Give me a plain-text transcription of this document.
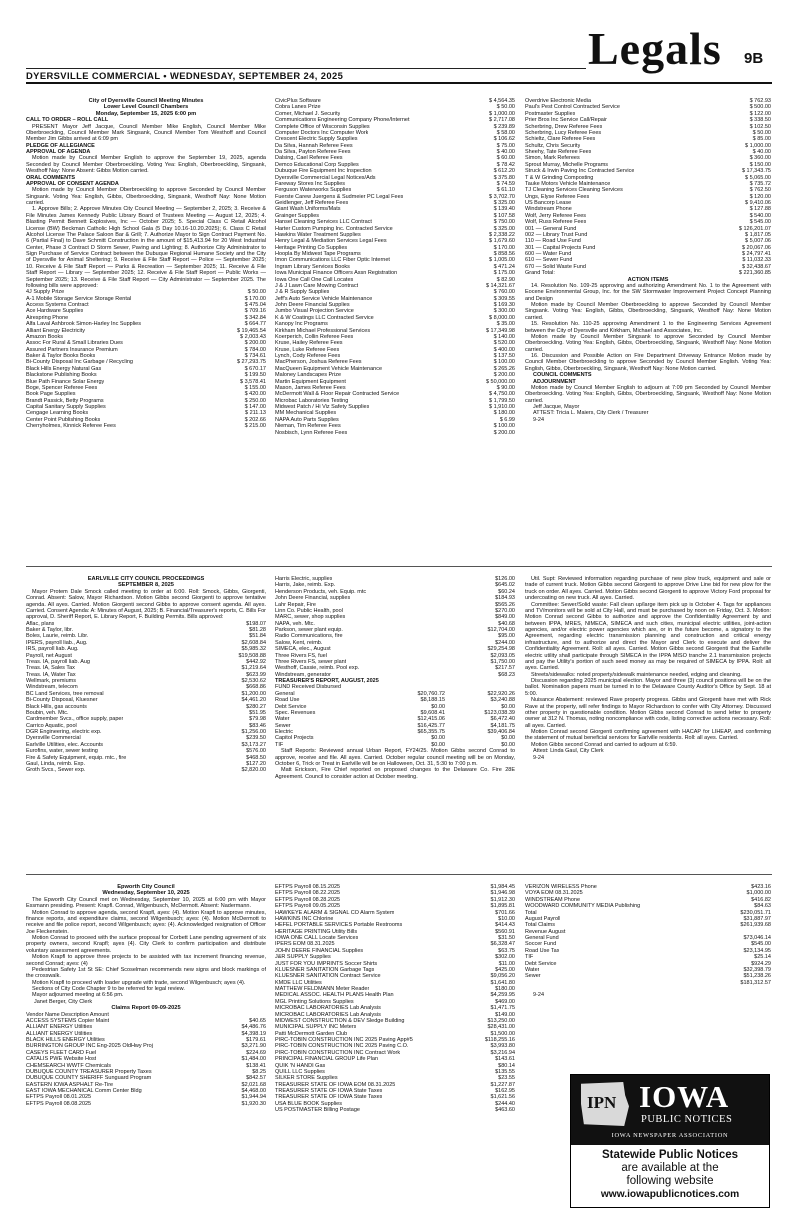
DYERSVILLE COMMERCIAL • WEDNESDAY, SEPTEMBER 24, 2025
Legals 9B
City of Dyersville Council Meeting Minutes
Lower Level Council Chambers
Monday, September 15, 2025 6:00 pm
CALL TO ORDER – ROLL CALL

PRESENT Mayor Jeff Jacque, Council Member Mike English, Council Member Mike Oberbroeckling, Council Member Mark Singsank, Council Member Tom Westhoff and Council Member Jim Gibbs arrived at 6:09 pm

PLEDGE OF ALLEGIANCE
APPROVAL OF AGENDA

Motion made by Council Member English to approve the September 19, 2025, agenda Seconded by Council Member Oberbroeckling. Voting Yea: English, Oberbroeckling, Singsank, Westhoff Nay: None Absent: Gibbs Motion carried.

ORAL COMMENTS
APPROVAL OF CONSENT AGENDA

Motion made by Council Member Oberbroeckling to approve Seconded by Council Member Singsank. Voting Yea: English, Gibbs, Oberbroeckling, Singsank, Westhoff Nay: None Motion carried.

1. Approve Bills; 2. Approve Minutes City Council Meeting — September 2, 2025; 3. Receive & File Minutes James Kennedy Public Library Board of Trustees Meeting — August 12, 2025; 4. Blasting Permit Bennett Explosives, Inc — October 2025; 5. Special Class C Retail Alcohol License (BW) Beckman Catholic High School Gala (5 Day 10.16-10.20.2025); 6. Class C Retail Alcohol License The Palace Saloon Bar & Grill; 7. Authorize Mayor to Sign Contract Payment No. 6 (Partial Final) to Dave Schmitt Construction in the amount of $15,413.94 for 20 West Industrial Center, Phase 3 Contract D Storm Sewer, Paving and Lighting; 8. Authorize City Administrator to Sign Purchase of Service Contract between the Dubuque Regional Humane Society and the City of Dyersville for Animal Sheltering; 9. Receive & File Staff Report — Police — September 2025; 10. Receive & File Staff Report — Parks & Recreation — September 2025; 11. Receive & File Staff Report — Library — September 2025; 12. Receive & File Staff Report — Public Works — September 2025; 13. Receive & File Staff Report — City Administrator — September 2025. The following bills were approved:

4J Supply Prize	$ 50.00
A-1 Mobile Storage Service Storage Rental	$ 170.00
Access Systems Contract	$ 475.04
Ace Hardware Supplies	$ 709.16
Airespring Phone	$ 342.84
Alfa Laval Ashbrook Simon-Harley Inc Supplies	$ 664.77
Alliant Energy Electricity	$ 19,465.54
Amazon Books	$ 2,003.43
Assoc For Rural & Small Libraries Dues	$ 200.00
Assured Partners Insurance Premium	$ 784.00
Baker & Taylor Books Books	$ 734.61
Bi-County Disposal Inc Garbage / Recycling	$ 27,293.75
Black Hills Energy Natural Gas	$ 670.17
Blackstone Publishing Books	$ 199.50
Blue Path Finance Solar Energy	$ 3,578.41
Boge, Spencer Referee Fees	$ 155.00
Book Page Supplies	$ 420.00
Brandt Passick, Betty Programs	$ 250.00
Capital Sanitary Supply Supplies	$ 147.00
Cengage Learning Books	$ 211.13
Center Point Publishing Books	$ 202.66
Cherryholmes, Kinnick Referee Fees	$ 215.00
CivicPlus Software	$ 4,564.35
Cobra Lanes Prize	$ 50.00
Comer, Michael J. Security	$ 1,000.00
Communications Engineering Company Phone/Internet	$ 2,717.08
Complete Office of Wisconsin Supplies	$ 239.89
Computer Doctors Inc Computer Work	$ 58.00
Crescent Electric Supply Supplies	$ 106.62
Da Silva, Hannah Referee Fees	$ 75.00
Da Silva, Payton Referee Fees	$ 40.00
Dalsing, Cael Referee Fees	$ 60.00
Demco Educational Corp Supplies	$ 78.42
Dubuque Fire Equipment Inc Inspection	$ 612.20
Dyersville Commercial Legal Notices/Ads	$ 375.80
Fareway Stores Inc Supplies	$ 74.59
Ferguson Waterworks Supplies	$ 61.10
Fuerste Carew Juergens & Sudmeier PC Legal Fees	$ 3,702.70
Geidlenger, Jeff Referee Fees	$ 325.00
Giant Wash Uniforms/Mats	$ 139.40
Grainger Supplies	$ 107.58
Hansel Cleaning Services LLC Contract	$ 750.00
Harter Custom Pumping Inc. Contracted Service	$ 325.00
Hawkins Water Treatment Supplies	$ 2,338.22
Henry Legal & Mediation Services Legal Fees	$ 1,679.60
Heritage Printing Co Supplies	$ 170.00
Hoopla By Midwest Tape Programs	$ 858.56
Imon Communications LLC Fiber Optic Internet	$ 1,005.00
Ingram Library Services Books	$ 471.24
Iowa Municipal Finance Officers Assn Registration	$ 175.00
Iowa One Call One Call Locates	$ 82.90
J & J Lawn Care Mowing Contract	$ 14,321.67
J & R Supply Supplies	$ 760.00
Jeff's Auto Service Vehicle Maintenance	$ 309.55
John Deere Financial Supplies	$ 169.30
Jumbo Visual Projection Service	$ 300.00
K & W Coatings LLC Contracted Service	$ 8,000.00
Kanopy Inc Programs	$ 35.00
Kirkham Michael Professional Services	$ 17,349.98
Koerperich, Collin Referee Fees	$ 140.00
Kruse, Hailey Referee Fees	$ 520.00
Kruse, Luke Referee Fees	$ 400.00
Lynch, Cody Referee Fees	$ 137.50
MacPherson, Joshua Referee Fees	$ 100.00
MacQueen Equipment Vehicle Maintenance	$ 265.26
Maloney Landscapes Prize	$ 200.00
Martin Equipment Equipment	$ 50,000.00
Mason, James Referee Fees	$ 90.00
McDermott Wall & Floor Repair Contracted Service	$ 4,750.00
Microbac Laboratories Testing	$ 1,799.50
Midwest Patch / Hi Viz Safety Supplies	$ 1,910.00
MM Mechanical Supplies	$ 180.00
NAPA Auto Parts Supplies	$ 6.99
Nieman, Tim Referee Fees	$ 100.00
Nosbisch, Lynn Referee Fees	$ 200.00
Overdrive Electronic Media	$ 762.93
Paul's Pest Control Contracted Service	$ 500.00
Postmaster Supplies	$ 122.00
Prier Bros Inc Service Call/Repair	$ 338.50
Scherbring, Drew Referee Fees	$ 102.50
Scherbring, Lucy Referee Fees	$ 50.00
Schieltz, Clare Referee Fees	$ 85.00
Schultz, Chris Security	$ 1,000.00
Sheehy, Tate Referee Fees	$ 40.00
Simon, Mark Referees	$ 360.00
Sprout Murray, Michelle Programs	$ 150.00
Struck & Irwin Paving Inc Contracted Service	$ 17,343.75
T & W Grinding Composting	$ 5,065.00
Tauke Motors Vehicle Maintenance	$ 735.72
TJ Cleaning Services Cleaning Services	$ 762.50
Ungs, Elyse Referee Fees	$ 120.00
US Bancorp Lease	$ 9,410.06
Windstream Phone	$ 127.88
Wolf, Jerry Referee Fees	$ 540.00
Wolf, Russ Referee Fees	$ 545.00
001 — General Fund	$ 126,201.07
002 — Library Trust Fund	$ 1,817.05
110 — Road Use Fund	$ 5,007.06
301 — Capital Projects Fund	$ 20,067.06
600 — Water Fund	$ 24,797.41
610 — Sewer Fund	$ 11,032.33
670 — Solid Waste Fund	$ 32,438.67
Grand Total:	$ 221,360.85
ACTION ITEMS

14. Resolution No. 109-25 approving and authorizing Amendment No. 1 to the Agreement with Eocene Environmental Group, Inc. for the SW Stormwater Improvement Project Concept Planning and Design

Motion made by Council Member Oberbroeckling to approve Seconded by Council Member Singsank. Voting Yea: English, Gibbs, Oberbroeckling, Singsank, Westhoff Nay: None Motion carried.

15. Resolution No. 110-25 approving Amendment 1 to the Engineering Services Agreement between the City of Dyersville and Kirkham, Michael and Associates, Inc.

Motion made by Council Member Singsank to approve Seconded by Council Member Oberbroeckling. Voting Yea: English, Gibbs, Oberbroeckling, Singsank, Westhoff Nay: None Motion carried.

16. Discussion and Possible Action on Fire Department Driveway Entrance Motion made by Council Member Oberbroeckling to approve Seconded by Council Member English. Voting Yea: English, Gibbs, Oberbroeckling, Singsank, Westhoff Nay: None Motion carried.

COUNCIL COMMENTS
ADJOURNMENT

Motion made by Council Member English to adjourn at 7:09 pm Seconded by Council Member Oberbroeckling. Voting Yea: English, Gibbs, Oberbroeckling, Singsank, Westhoff Nay: None Motion carried.

Jeff Jacque, Mayor
ATTEST: Tricia L. Maiers, City Clerk / Treasurer
9-24
EARLVILLE CITY COUNCIL PROCEEDINGS
SEPTEMBER 8, 2025

Mayor Protem Dale Smock called meeting to order at 6:00. Roll: Smock, Gibbs, Giorgenti, Conrad. Absent: Salow, Mayor Richardson. Motion Gibbs second Giorgenti to approve tentative agenda. All ayes. Carried. Motion Giorgenti second Gibbs to approve consent agenda. All ayes. Carried. Consent Agenda: A: Minutes of August, 2025; B. Financial/Treasurer's reports, C. Bills For approval, D. Sheriff Report, E. Library Report, F. Building Permits. Bills approved:

Aflac, plans	$198.07
Baker & Taylor, libr.	$81.28
Boles, Laurie, reimb. Libr.	$51.84
IPERS, payroll liab., Aug.	$2,608.84
IRS, payroll liab. Aug.	$5,985.32
Payroll, net August	$19,508.88
Treas. IA, payroll liab. Aug	$442.92
Treas. IA, Sales Tax	$1,219.64
Treas. IA, Water Tax	$623.99
Wellmark, premiums	$2,530.62
Windstream, telecom	$668.86
BC Land Services, tree removal	$1,200.00
Bi-County Disposal, Kluesner	$4,461.20
Black Hills, gas accounts	$280.27
Boubin, veh. Mtc.	$51.95
Cardmember Svcs., office supply, paper	$79.98
Carrico Aquatic, pool	$83.46
DGR Engineering, electric exp.	$1,256.00
Dyersville Commercial	$239.50
Earlville Utilities, elec. Accounts	$3,173.27
Eurofins, water, sewer testing	$576.00
Fire & Safety Equipment, equip. mtc., fire	$468.50
Gaul, Linda, reimb. Exp.	$127.20
Groth Svcs., Sewer exp.	$2,820.00
Harris Electric, supplies	$126.00
Harris, Jake, reimb. Exp.	$645.02
Henderson Products, veh. Equip. mtc	$60.24
John Deere Financial, supplies	$184.93
Lahr Repair, Fire	$565.26
Linn Co. Public Health, pool	$270.00
MARC, sewer, shop supplies	$849.00
NAPA, veh. Mtc.	$40.68
Parkson, sewer plant equip.	$12,704.00
Radio Communications, fire	$95.00
Salow, Kent, reimb.	$244.00
SIMECA, elec., August	$29,254.98
Three Rivers FS, fuel	$2,093.05
Three Rivers FS, sewer plant	$1,750.00
Westhoff, Cassie, reimb. Pool exp.	$217.57
Windstream, generator	$68.23
TREASURER'S REPORT, AUGUST, 2025
FUND Received Disbursed
General	$20,760.72	$22,920.26
Road Use	$8,188.15	$3,240.88
Debt Service	$0.00	$0.00
Spec. Revenues	$9,608.41	$123,038.39
Water	$12,415.06	$6,472.40
Sewer	$16,425.77	$4,181.75
Electric	$65,355.75	$39,406.84
Capitol Projects	$0.00	$0.00
TIF	$0.00	$0.00

Staff Reports: Reviewed annual Urban Report, FY24/25. Motion Gibbs second Conrad to approve, receive and file. All ayes. Carried. October regular council meeting will be on Monday, October 6, Trick or Treat in Earlville will be on Halloween, Oct. 31, 5:30 to 7:00 p.m.

Matt Erickson, Fire Chief reported on proposed changes to the Delaware Co. Fire 28E Agreement. Council to consider action at October meeting.

Util. Supt: Reviewed information regarding purchase of new plow truck, equipment and sale or trade of current truck. Motion Gibbs second Giorgenti to approve Drive Line bid for new plow for the truck on order. All ayes. Carried. Motion Gibbs second Giorgenti to approve Victory Ford proposal for undercoating on new truck. All ayes. Carried.

Committee: Sewer/Solid waste: Fall clean up/large item pick up is October 4. Tags for appliances and TV/monitors will be sold at City Hall, and must be purchased by noon on Friday, Oct. 3. Motion: Motion Conrad second Gibbs to authorize and approve the Confidentiality Agreement by and between IPPA, MRES, NIMECA, SIMECA and such cities, municipal electric utilities, joint-action agencies, and/or electric power agencies which are, or in the future become, a signatory to the Agreement, regarding electric transmission planning and construction and critical energy infrastructure, and to authorize and direct the Mayor and Clerk to execute and deliver the Confidentiality Agreement. Roll: all ayes. Carried. Motion Gibbs second Giorgenti that the Earlville electric utility shall participate through SIMECA in the IPPA MISO tranche 2.1 transmission projects and pay the Utility's portion of such seed money as may be required of SIMECA by IPPA. Roll: all ayes. Carried.

Streets/sidewalks: noted property/sidewalk maintenance needed, edging and cleaning.

Discussion regarding 2025 municipal election. Mayor and three (3) council positions will be on the ballot. Nomination papers must be turned in to the Delaware County Auditor's Office by Sept. 18 at 5:00.

Nuisance Abatement: reviewed Rave property progress. Gibbs and Giorgenti have met with Rick Rave at the property, will refer findings to Mayor Richardson to confer with City Attorney. Discussed other property in questionable condition. Motion Gibbs second Conrad to send letter to property owner at 312 N. Thomas, noting noncompliance with code, listing corrective actions necessary. Roll: all ayes. Carried.

Motion Conrad second Giorgenti confirming agreement with HACAP for LIHEAP, and confirming the statement of mutual beneficial services for Earlville residents. Roll: all ayes. Carried.

Motion Gibbs second Conrad and carried to adjourn at 6:59.

Attest: Linda Gaul, City Clerk
9-24
Epworth City Council
Wednesday, September 10, 2025

The Epworth City Council met on Wednesday, September 10, 2025 at 6:00 pm with Mayor Essmann presiding. Present: Krapfl. Conrad, Wilgenbusch, McDermott. Absent: Nadermann.

Motion Conrad to approve agenda, second Krapfl, ayes: (4). Motion Krapfl to approve minutes, finance reports, and expenditure claims, second Wilgenbusch; ayes: (4). Motion McDermott to receive and file police report, second Wilgenbusch; ayes: (4). Acknowledged resignation of Officer Joe Fleckenstein.

Motion Conrad to proceed with the surface proposal for Corbett Lane pending agreement of six property owners, second Krapfl; ayes (4). City Clerk to confirm participation and distribute voluntary assessment agreements.

Motion Krapfl to approve three projects to be assisted with tax increment financing revenue, second Conrad; ayes: (4)

Pedestrian Safety 1st St SE: Chief Scoselman recommends new signs and block markings of the crosswalk.

Motion Krapfl to proceed with loader upgrade with trade, second Wilgenbusch; ayes (4).

Sections of City Code Chapter 9 to be referred for legal review.

Mayor adjourned meeting at 6:56 pm.

Janet Berger, City Clerk
Claims Report 09-09-2025
Vendor Name Description Amount
ACCESS SYSTEMS Copier Maint	$40.65
ALLIANT ENERGY Utilities	$4,486.76
ALLIANT ENERGY Utilities	$4,398.19
BLACK HILLS ENERGY Utilities	$179.61
BURRINGTON GROUP INC Eng-2025 OldHwy Proj	$3,271.90
CASEYS FLEET CARD Fuel	$224.69
CATALIS PWE Website Host	$1,484.00
CHEMSEARCH WWTF Chemicals	$138.41
DUBUQUE COUNTY TREASURER Property Taxes	$8.25
DUBUQUE COUNTY SHERIFF Sunguard Program	$842.57
EASTERN IOWA ASPHALT Re-Tire	$2,021.68
EAST IOWA MECHANICAL Comm Center Bldg	$4,468.00
EFTPS Payroll 08.01.2025	$1,944.94
EFTPS Payroll 08.08.2025	$1,920.30
EFTPS Payroll 08.15.2025	$1,984.45
EFTPS Payroll 08.22.2025	$1,946.98
EFTPS Payroll 08.28.2025	$1,912.30
EFTPS Payroll 09.05.2025	$1,895.81
HAWKEYE ALARM & SIGNAL CO Alarm System	$701.66
HAWKINS INC Chlorine	$10.00
HEFEL PORTABLE SERVICES Portable Restrooms	$414.43
HERITAGE PRINTING Utility Bills	$560.91
IOWA ONE CALL Locate Services	$31.50
IPERS EOM 08.31.2025	$6,328.47
JOHN DEERE FINANCIAL Supplies	$63.75
J&R SUPPLY Supplies	$302.00
JUST FOR YOU IMPRINTS Soccer Shirts	$11.00
KLUESNER SANITATION Garbage Tags	$425.00
KLUESNER SANITATION Contract Service	$9,056.20
KMDE LLC Utilities	$1,641.80
MATTHEW FELDMANN Meter Reader	$180.00
MEDICAL ASSOC. HEALTH PLANS Health Plan	$4,259.95
MGL Printing Solutions Supplies	$469.00
MICROBAC LABORATORIES Lab Analysis	$1,471.75
MICROBAC LABORATORIES Lab Analysis	$149.00
MIDWEST CONSTRUCTION & DEV Sledge Building	$13,250.00
MUNICIPAL SUPPLY INC Meters	$28,431.00
Patti McDermott Garden Club	$1,500.00
PIRC-TOBIN CONSTRUCTION INC 2025 Paving App#5	$118,255.16
PIRC-TOBIN CONSTRUCTION INC 2025 Paving C.O.	$3,993.80
PIRC-TOBIN CONSTRUCTION INC Contract Work	$3,216.94
PRINCIPAL FINANCIAL GROUP Life Plan	$143.61
QUIK 'N HANDI Gas	$80.14
QUILL LLC Supplies	$135.55
SILKER STORE Supplies	$23.55
TREASURER STATE OF IOWA EOM 08.31.2025	$1,227.87
TREASURER STATE OF IOWA State Taxes	$162.95
TREASURER STATE OF IOWA State Taxes	$1,621.56
USA BLUE BOOK Supplies	$244.40
US POSTMASTER Billing Postage	$463.60
VERIZON WIRELESS Phone	$423.16
VOYA EOM 08.31.2025	$1,000.00
WINDSTREAM Phone	$416.82
WOODWARD COMMUNITY MEDIA Publishing	$84.63
Total	$230,051.71
August Payroll	$31,887.97
Total Claims	$261,939.68
Revenue August
General Fund	$73,046.14
Soccer Fund	$545.00
Road Use Tax	$23,134.95
TIF	$25.14
Debt Service	$924.29
Water	$32,398.79
Sewer	$51,238.26
$181,312.57
9-24
IPN IOWA
PUBLIC NOTICES
IOWA NEWSPAPER ASSOCIATION
Statewide Public Notices
are available at the
following website
www.iowapublicnotices.com
